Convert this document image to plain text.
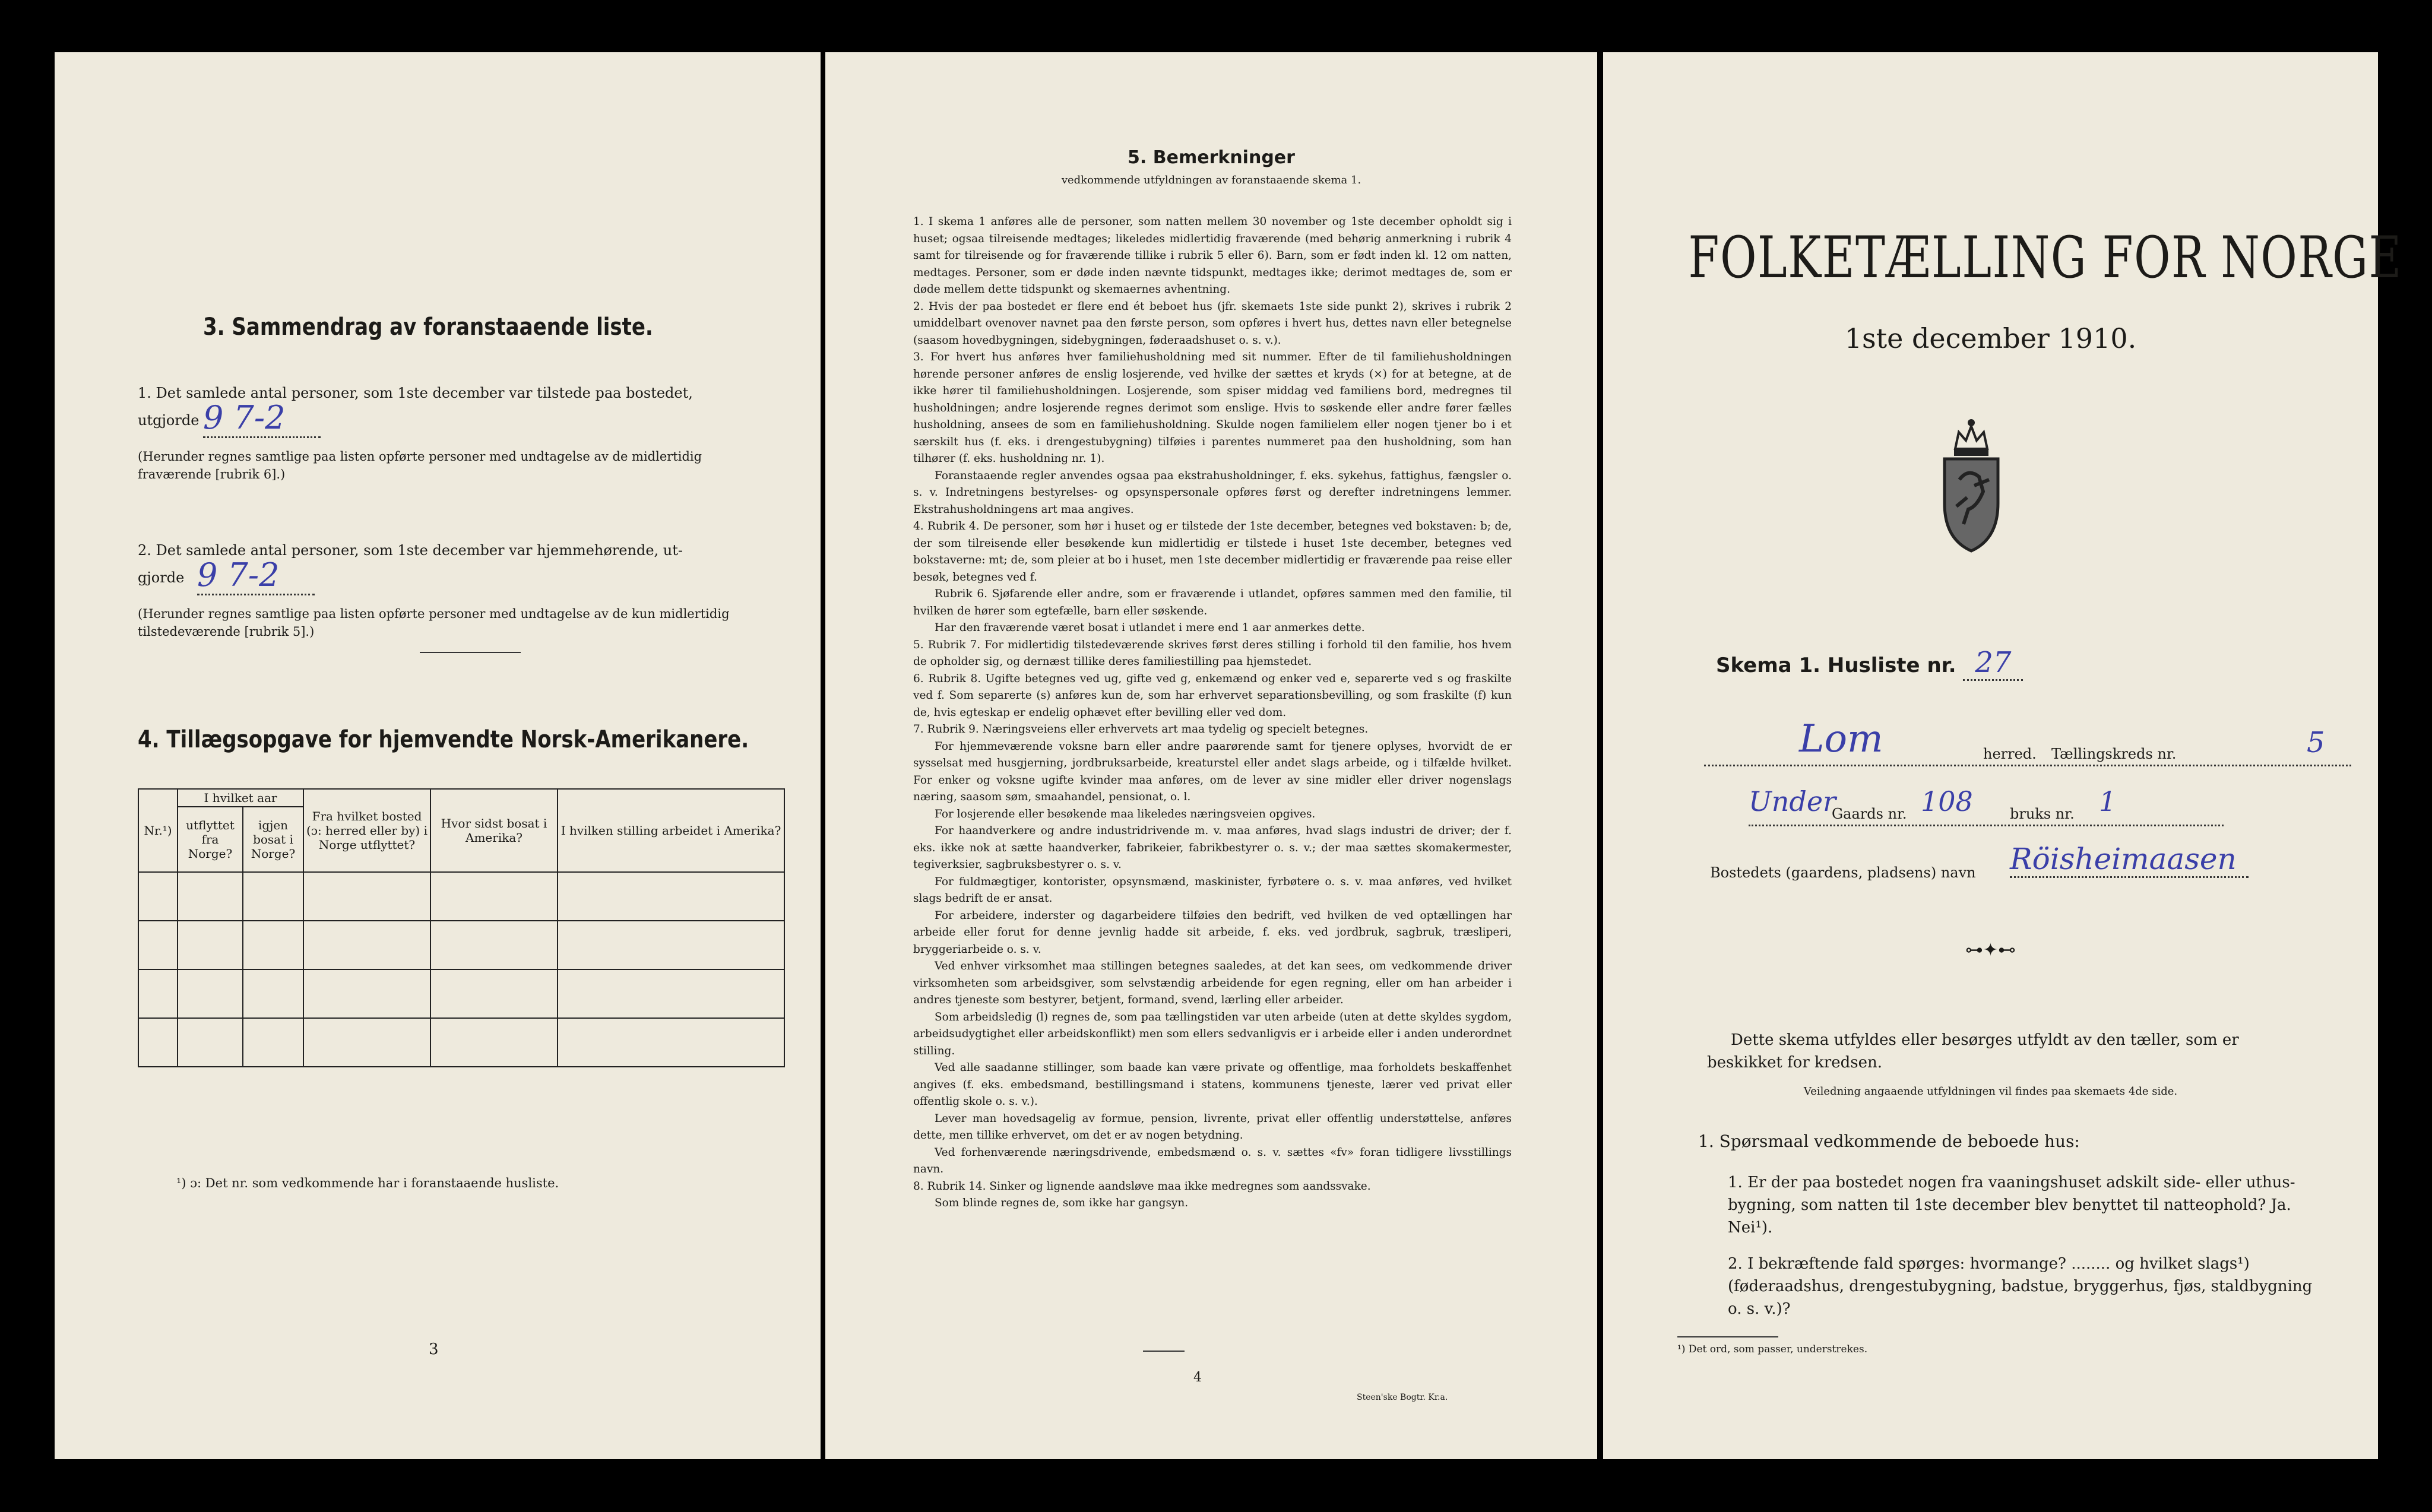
3. Sammendrag av foranstaaende liste.
1. Det samlede antal personer, som 1ste december var tilstede paa bostedet,
utgjorde 9 7-2
(Herunder regnes samtlige paa listen opførte personer med undtagelse av de midlertidig fraværende [rubrik 6].)
2. Det samlede antal personer, som 1ste december var hjemmehørende, ut-
gjorde 9 7-2
(Herunder regnes samtlige paa listen opførte personer med undtagelse av de kun midlertidig tilstedeværende [rubrik 5].)
4. Tillægsopgave for hjemvendte Norsk-Amerikanere.
Nr.¹)	I hvilket aar		Fra hvilket bosted (ɔ: herred eller by) i Norge utflyttet?	Hvor sidst bosat i Amerika?	I hvilken stilling arbeidet i Amerika?
	utflyttet fra Norge?	igjen bosat i Norge?			

¹) ɔ: Det nr. som vedkommende har i foranstaaende husliste.
3
5. Bemerkninger
vedkommende utfyldningen av foranstaaende skema 1.

1. I skema 1 anføres alle de personer, som natten mellem 30 november og 1ste december opholdt sig i huset; ogsaa tilreisende medtages; likeledes midlertidig fraværende (med behørig anmerkning i rubrik 4 samt for tilreisende og for fraværende tillike i rubrik 5 eller 6). Barn, som er født inden kl. 12 om natten, medtages. Personer, som er døde inden nævnte tidspunkt, medtages ikke; derimot medtages de, som er døde mellem dette tidspunkt og skemaernes avhentning.

2. Hvis der paa bostedet er flere end ét beboet hus (jfr. skemaets 1ste side punkt 2), skrives i rubrik 2 umiddelbart ovenover navnet paa den første person, som opføres i hvert hus, dettes navn eller betegnelse (saasom hovedbygningen, sidebygningen, føderaadshuset o. s. v.).

3. For hvert hus anføres hver familiehusholdning med sit nummer. Efter de til familiehusholdningen hørende personer anføres de enslig losjerende, ved hvilke der sættes et kryds (×) for at betegne, at de ikke hører til familiehusholdningen. Losjerende, som spiser middag ved familiens bord, medregnes til husholdningen; andre losjerende regnes derimot som enslige. Hvis to søskende eller andre fører fælles husholdning, ansees de som en familiehusholdning. Skulde nogen familielem eller nogen tjener bo i et særskilt hus (f. eks. i drengestubygning) tilføies i parentes nummeret paa den husholdning, som han tilhører (f. eks. husholdning nr. 1).

Foranstaaende regler anvendes ogsaa paa ekstrahusholdninger, f. eks. sykehus, fattighus, fængsler o. s. v. Indretningens bestyrelses- og opsynspersonale opføres først og derefter indretningens lemmer. Ekstrahusholdningens art maa angives.

4. Rubrik 4. De personer, som hør i huset og er tilstede der 1ste december, betegnes ved bokstaven: b; de, der som tilreisende eller besøkende kun midlertidig er tilstede i huset 1ste december, betegnes ved bokstaverne: mt; de, som pleier at bo i huset, men 1ste december midlertidig er fraværende paa reise eller besøk, betegnes ved f.

Rubrik 6. Sjøfarende eller andre, som er fraværende i utlandet, opføres sammen med den familie, til hvilken de hører som egtefælle, barn eller søskende.

Har den fraværende været bosat i utlandet i mere end 1 aar anmerkes dette.

5. Rubrik 7. For midlertidig tilstedeværende skrives først deres stilling i forhold til den familie, hos hvem de opholder sig, og dernæst tillike deres familiestilling paa hjemstedet.

6. Rubrik 8. Ugifte betegnes ved ug, gifte ved g, enkemænd og enker ved e, separerte ved s og fraskilte ved f. Som separerte (s) anføres kun de, som har erhvervet separationsbevilling, og som fraskilte (f) kun de, hvis egteskap er endelig ophævet efter bevilling eller ved dom.

7. Rubrik 9. Næringsveiens eller erhvervets art maa tydelig og specielt betegnes.

For hjemmeværende voksne barn eller andre paarørende samt for tjenere oplyses, hvorvidt de er sysselsat med husgjerning, jordbruksarbeide, kreaturstel eller andet slags arbeide, og i tilfælde hvilket. For enker og voksne ugifte kvinder maa anføres, om de lever av sine midler eller driver nogenslags næring, saasom søm, smaahandel, pensionat, o. l.

For losjerende eller besøkende maa likeledes næringsveien opgives.

For haandverkere og andre industridrivende m. v. maa anføres, hvad slags industri de driver; der f. eks. ikke nok at sætte haandverker, fabrikeier, fabrikbestyrer o. s. v.; der maa sættes skomakermester, tegiverksier, sagbruksbestyrer o. s. v.

For fuldmægtiger, kontorister, opsynsmænd, maskinister, fyrbøtere o. s. v. maa anføres, ved hvilket slags bedrift de er ansat.

For arbeidere, inderster og dagarbeidere tilføies den bedrift, ved hvilken de ved optællingen har arbeide eller forut for denne jevnlig hadde sit arbeide, f. eks. ved jordbruk, sagbruk, træsliperi, bryggeriarbeide o. s. v.

Ved enhver virksomhet maa stillingen betegnes saaledes, at det kan sees, om vedkommende driver virksomheten som arbeidsgiver, som selvstændig arbeidende for egen regning, eller om han arbeider i andres tjeneste som bestyrer, betjent, formand, svend, lærling eller arbeider.

Som arbeidsledig (l) regnes de, som paa tællingstiden var uten arbeide (uten at dette skyldes sygdom, arbeidsudygtighet eller arbeidskonflikt) men som ellers sedvanligvis er i arbeide eller i anden underordnet stilling.

Ved alle saadanne stillinger, som baade kan være private og offentlige, maa forholdets beskaffenhet angives (f. eks. embedsmand, bestillingsmand i statens, kommunens tjeneste, lærer ved privat eller offentlig skole o. s. v.).

Lever man hovedsagelig av formue, pension, livrente, privat eller offentlig understøttelse, anføres dette, men tillike erhvervet, om det er av nogen betydning.

Ved forhenværende næringsdrivende, embedsmænd o. s. v. sættes «fv» foran tidligere livsstillings navn.

8. Rubrik 14. Sinker og lignende aandsløve maa ikke medregnes som aandssvake.

Som blinde regnes de, som ikke har gangsyn.

4
Steen'ske Bogtr. Kr.a.
FOLKETÆLLING FOR NORGE
1ste december 1910.
Skema 1. Husliste nr. 27
Lom	herred. Tællingskreds nr.	5
Under
Gaards nr. 108	bruks nr. 1
Bostedets (gaardens, pladsens) navn Röisheimaasen
⊶✦⊷
Dette skema utfyldes eller besørges utfyldt av den tæller, som er beskikket for kredsen.
Veiledning angaaende utfyldningen vil findes paa skemaets 4de side.
1. Spørsmaal vedkommende de beboede hus:
1. Er der paa bostedet nogen fra vaaningshuset adskilt side- eller uthus-bygning, som natten til 1ste december blev benyttet til natteophold? Ja. Nei¹).
2. I bekræftende fald spørges: hvormange? ........ og hvilket slags¹) (føderaadshus, drengestubygning, badstue, bryggerhus, fjøs, staldbygning o. s. v.)?
¹) Det ord, som passer, understrekes.
